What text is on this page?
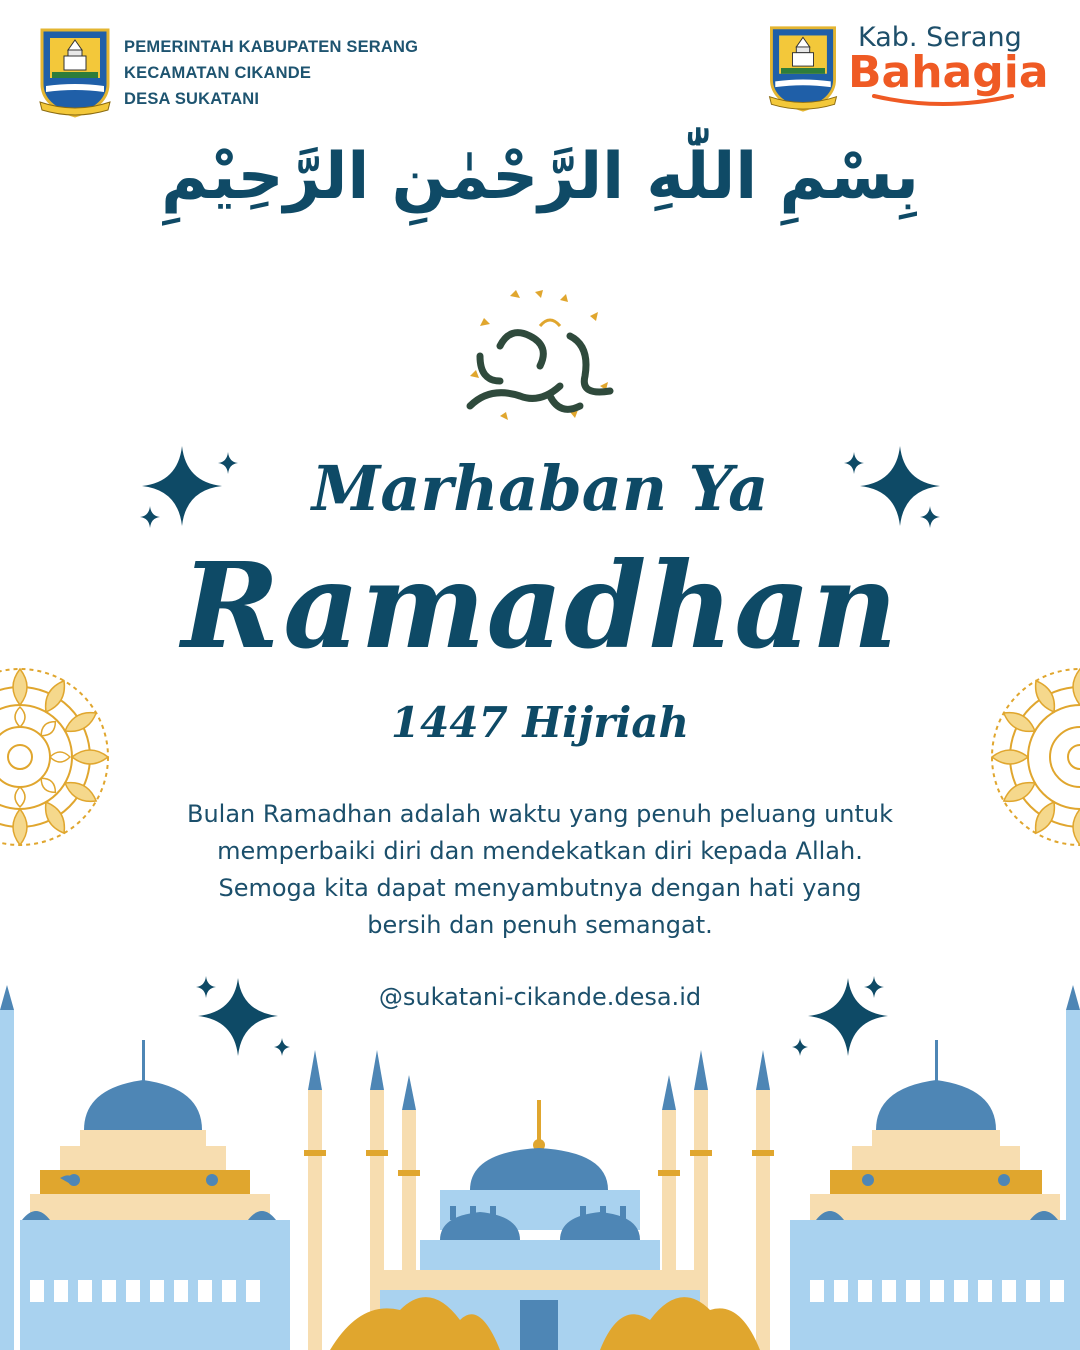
PEMERINTAH KABUPATEN SERANG
KECAMATAN CIKANDE
DESA SUKATANI
Kab. Serang
Bahagia
بِسْمِ اللّٰهِ الرَّحْمٰنِ الرَّحِيْمِ
Marhaban Ya
Ramadhan
1447 Hijriah
Bulan Ramadhan adalah waktu yang penuh peluang untuk
memperbaiki diri dan mendekatkan diri kepada Allah.
Semoga kita dapat menyambutnya dengan hati yang
bersih dan penuh semangat.
@sukatani-cikande.desa.id
